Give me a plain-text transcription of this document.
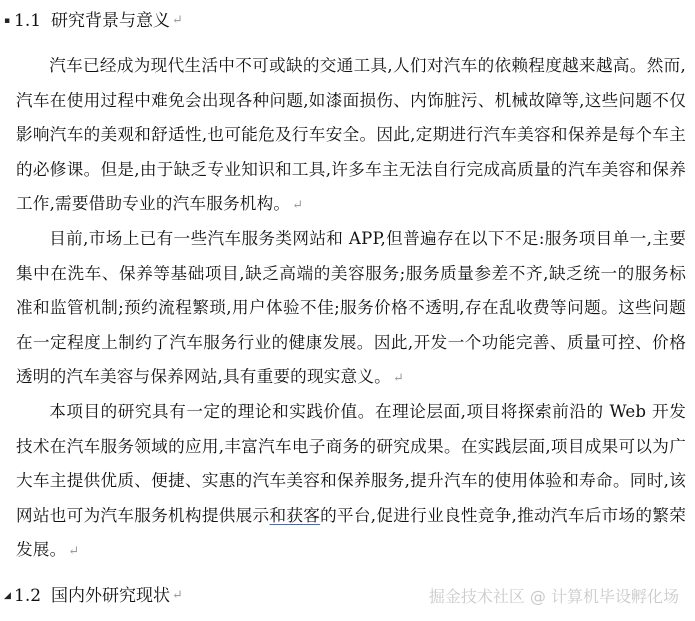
▪ 1.1 研究背景与意义 ↵

汽车已经成为现代生活中不可或缺的交通工具,人们对汽车的依赖程度越来越高。然而,汽车在使用过程中难免会出现各种问题,如漆面损伤、内饰脏污、机械故障等,这些问题不仅影响汽车的美观和舒适性,也可能危及行车安全。因此,定期进行汽车美容和保养是每个车主的必修课。但是,由于缺乏专业知识和工具,许多车主无法自行完成高质量的汽车美容和保养工作,需要借助专业的汽车服务机构。 ↵

目前,市场上已有一些汽车服务类网站和 APP,但普遍存在以下不足:服务项目单一,主要集中在洗车、保养等基础项目,缺乏高端的美容服务;服务质量参差不齐,缺乏统一的服务标准和监管机制;预约流程繁琐,用户体验不佳;服务价格不透明,存在乱收费等问题。这些问题在一定程度上制约了汽车服务行业的健康发展。因此,开发一个功能完善、质量可控、价格透明的汽车美容与保养网站,具有重要的现实意义。 ↵

本项目的研究具有一定的理论和实践价值。在理论层面,项目将探索前沿的 Web 开发技术在汽车服务领域的应用,丰富汽车电子商务的研究成果。在实践层面,项目成果可以为广大车主提供优质、便捷、实惠的汽车美容和保养服务,提升汽车的使用体验和寿命。同时,该网站也可为汽车服务机构提供展示和获客的平台,促进行业良性竞争,推动汽车后市场的繁荣发展。 ↵

◢ 1.2 国内外研究现状 ↵	掘金技术社区 @ 计算机毕设孵化场
